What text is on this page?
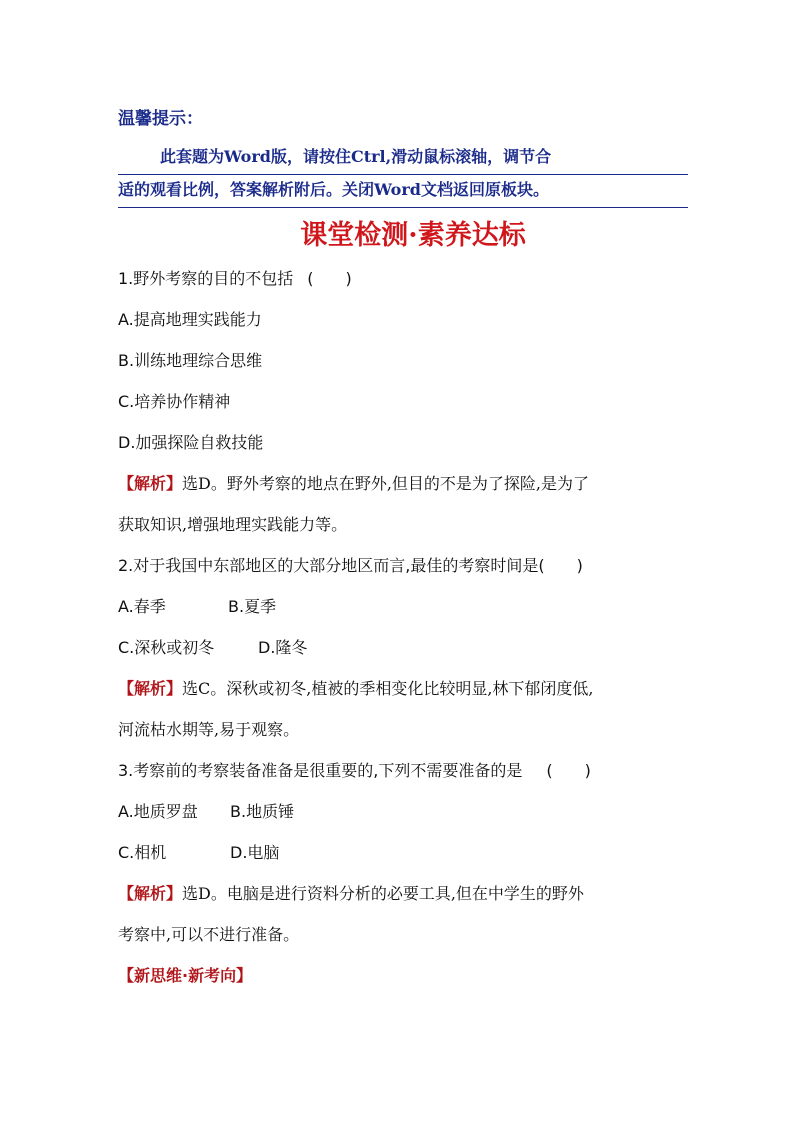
温馨提示：
此套题为Word版，请按住Ctrl,滑动鼠标滚轴，调节合
适的观看比例，答案解析附后。关闭Word文档返回原板块。
课堂检测·素养达标
1.野外考察的目的不包括 (　　)
A.提高地理实践能力
B.训练地理综合思维
C.培养协作精神
D.加强探险自救技能
【解析】选D。野外考察的地点在野外,但目的不是为了探险,是为了
获取知识,增强地理实践能力等。
2.对于我国中东部地区的大部分地区而言,最佳的考察时间是(　　)
A.春季	B.夏季
C.深秋或初冬	D.隆冬
【解析】选C。深秋或初冬,植被的季相变化比较明显,林下郁闭度低,
河流枯水期等,易于观察。
3.考察前的考察装备准备是很重要的,下列不需要准备的是 (　　)
A.地质罗盘 B.地质锤
C.相机	D.电脑
【解析】选D。电脑是进行资料分析的必要工具,但在中学生的野外
考察中,可以不进行准备。
【新思维·新考向】
